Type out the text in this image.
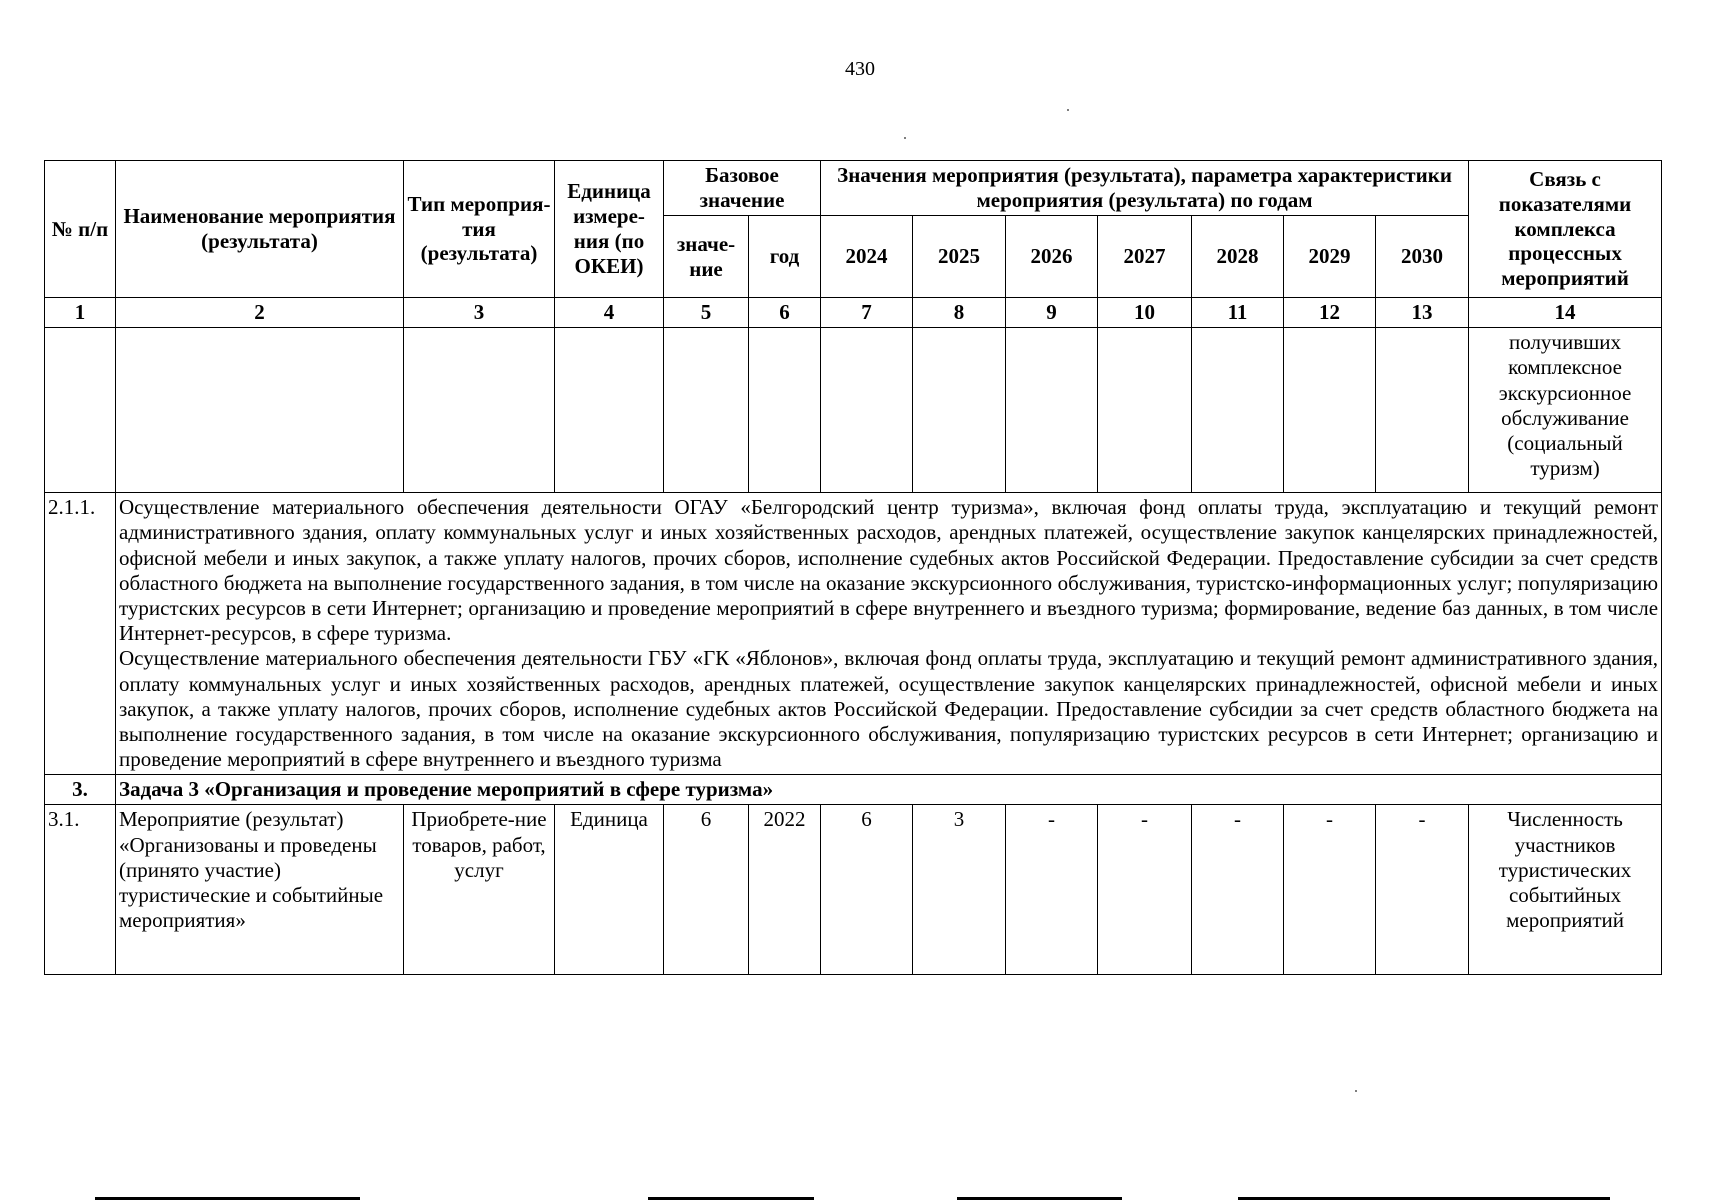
430
№ п/п	Наименование мероприятия (результата)	Тип мероприя-тия (результата)	Единица измере-ния (по ОКЕИ)	Базовое значение		Значения мероприятия (результата), параметра характеристики мероприятия (результата) по годам							Связь с показателями комплекса процессных мероприятий
				значе-ние	год	2024	2025	2026	2027	2028	2029	2030	
1	2	3	4	5	6	7	8	9	10	11	12	13	14
													получивших комплексное экскурсионное обслуживание (социальный туризм)
2.1.1.	Осуществление материального обеспечения деятельности ОГАУ «Белгородский центр туризма», включая фонд оплаты труда, эксплуатацию и текущий ремонт административного здания, оплату коммунальных услуг и иных хозяйственных расходов, арендных платежей, осуществление закупок канцелярских принадлежностей, офисной мебели и иных закупок, а также уплату налогов, прочих сборов, исполнение судебных актов Российской Федерации. Предоставление субсидии за счет средств областного бюджета на выполнение государственного задания, в том числе на оказание экскурсионного обслуживания, туристско-информационных услуг; популяризацию туристских ресурсов в сети Интернет; организацию и проведение мероприятий в сфере внутреннего и въездного туризма; формирование, ведение баз данных, в том числе Интернет-ресурсов, в сфере туризма.

Осуществление материального обеспечения деятельности ГБУ «ГК «Яблонов», включая фонд оплаты труда, эксплуатацию и текущий ремонт административного здания, оплату коммунальных услуг и иных хозяйственных расходов, арендных платежей, осуществление закупок канцелярских принадлежностей, офисной мебели и иных закупок, а также уплату налогов, прочих сборов, исполнение судебных актов Российской Федерации. Предоставление субсидии за счет средств областного бюджета на выполнение государственного задания, в том числе на оказание экскурсионного обслуживания, популяризацию туристских ресурсов в сети Интернет; организацию и проведение мероприятий в сфере внутреннего и въездного туризма												

3.	Задача 3 «Организация и проведение мероприятий в сфере туризма»												
3.1.	Мероприятие (результат) «Организованы и проведены (принято участие) туристические и событийные мероприятия»	Приобрете-ние товаров, работ, услуг	Единица	6	2022	6	3	-	-	-	-	-	Численность участников туристических событийных мероприятий
